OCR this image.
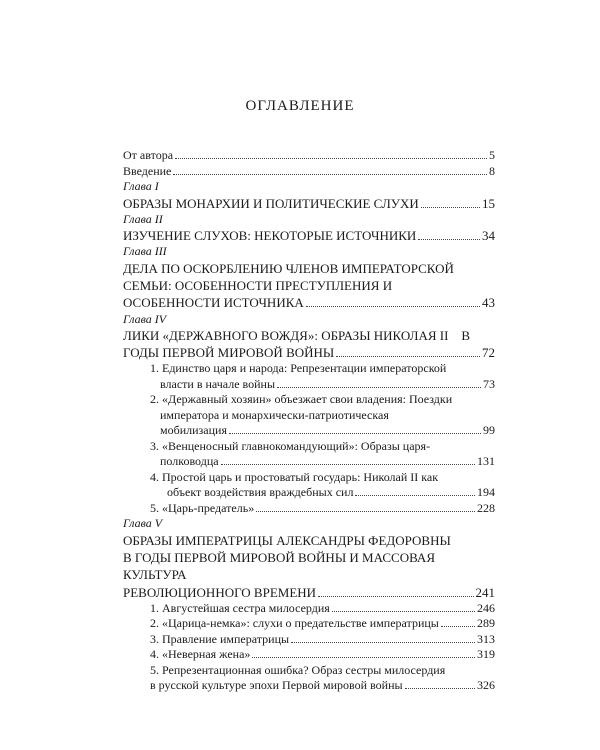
ОГЛАВЛЕНИЕ
От автора	5
Введение	8
Глава I
ОБРАЗЫ МОНАРХИИ И ПОЛИТИЧЕСКИЕ СЛУХИ	15
Глава II
ИЗУЧЕНИЕ СЛУХОВ: НЕКОТОРЫЕ ИСТОЧНИКИ	34
Глава III
ДЕЛА ПО ОСКОРБЛЕНИЮ ЧЛЕНОВ ИМПЕРАТОРСКОЙ
СЕМЬИ: ОСОБЕННОСТИ ПРЕСТУПЛЕНИЯ И
ОСОБЕННОСТИ ИСТОЧНИКА	43
Глава IV
ЛИКИ «ДЕРЖАВНОГО ВОЖДЯ»: ОБРАЗЫ НИКОЛАЯ II    В
ГОДЫ ПЕРВОЙ МИРОВОЙ ВОЙНЫ	72
1. Единство царя и народа: Репрезентации императорской
власти в начале войны	73
2. «Державный хозяин» объезжает свои владения: Поездки
императора и монархически-патриотическая
мобилизация	99
3. «Венценосный главнокомандующий»: Образы царя-
полководца	131
4. Простой царь и простоватый государь: Николай II как
объект воздействия враждебных сил	194
5. «Царь-предатель»	228
Глава V
ОБРАЗЫ ИМПЕРАТРИЦЫ АЛЕКСАНДРЫ ФЕДОРОВНЫ
В ГОДЫ ПЕРВОЙ МИРОВОЙ ВОЙНЫ И МАССОВАЯ КУЛЬТУРА
РЕВОЛЮЦИОННОГО ВРЕМЕНИ	241
1. Августейшая сестра милосердия	246
2. «Царица-немка»: слухи о предательстве императрицы	289
3. Правление императрицы	313
4. «Неверная жена»	319
5. Репрезентационная ошибка? Образ сестры милосердия
в русской культуре эпохи Первой мировой войны	326
